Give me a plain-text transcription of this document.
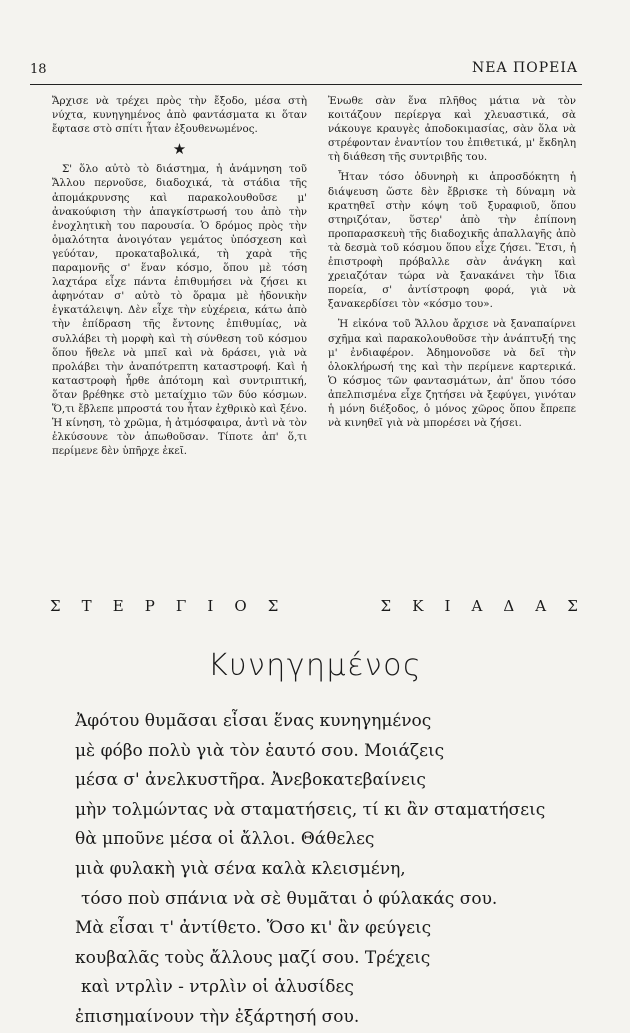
18	ΝΕΑ ΠΟΡΕΙΑ

Ἄρχισε νὰ τρέχει πρὸς τὴν ἔξοδο, μέσα στὴ νύχτα, κυνηγημένος ἀπὸ φαντάσματα κι ὅταν ἔφτασε στὸ σπίτι ἦταν ἐξουθενωμένος.

★

Σ' ὅλο αὐτὸ τὸ διάστημα, ἡ ἀνάμνηση τοῦ Ἄλλου περνοῦσε, διαδοχικά, τὰ στάδια τῆς ἀπομάκρυνσης καὶ παρακολουθοῦσε μ' ἀνακούφιση τὴν ἀπαγκίστρωσή του ἀπὸ τὴν ἐνοχλητικὴ του παρουσία. Ὁ δρόμος πρὸς τὴν ὁμαλότητα ἀνοιγόταν γεμάτος ὑπόσχεση καὶ γεύόταν, προκαταβολικά, τὴ χαρὰ τῆς παραμονῆς σ' ἕναν κόσμο, ὅπου μὲ τόση λαχτάρα εἶχε πάντα ἐπιθυμήσει νὰ ζήσει κι ἀφηνόταν σ' αὐτὸ τὸ ὅραμα μὲ ἡδονικὴν ἐγκατάλειψη. Δὲν εἶχε τὴν εὐχέρεια, κάτω ἀπὸ τὴν ἐπίδραση τῆς ἔντονης ἐπιθυμίας, νὰ συλλάβει τὴ μορφὴ καὶ τὴ σύνθεση τοῦ κόσμου ὅπου ἤθελε νὰ μπεῖ καὶ νὰ δράσει, γιὰ νὰ προλάβει τὴν ἀναπότρεπτη καταστροφή. Καὶ ἡ καταστροφὴ ἦρθε ἀπότομη καὶ συντριπτική, ὅταν βρέθηκε στὸ μεταίχμιο τῶν δύο κόσμων. Ὅ,τι ἔβλεπε μπροστά του ἦταν ἐχθρικὸ καὶ ξένο. Ἡ κίνηση, τὸ χρῶμα, ἡ ἀτμόσφαιρα, ἀντὶ νὰ τὸν ἑλκύσουνε τὸν ἀπωθοῦσαν. Τίποτε ἀπ' ὅ,τι περίμενε δὲν ὑπῆρχε ἐκεῖ.

Ἐνωθε σὰν ἕνα πλῆθος μάτια νὰ τὸν κοιτάζουν περίεργα καὶ χλευαστικά, σὰ νάκουγε κραυγὲς ἀποδοκιμασίας, σὰν ὅλα νὰ στρέφονταν ἐναντίον του ἐπιθετικά, μ' ἔκδηλη τὴ διάθεση τῆς συντριβῆς του.

Ἦταν τόσο ὀδυνηρὴ κι ἀπροσδόκητη ἡ διάψευση ὥστε δὲν ἔβρισκε τὴ δύναμη νὰ κρατηθεῖ στὴν κόψη τοῦ ξυραφιοῦ, ὅπου στηριζόταν, ὕστερ' ἀπὸ τὴν ἐπίπονη προπαρασκευὴ τῆς διαδοχικῆς ἀπαλλαγῆς ἀπὸ τὰ δεσμὰ τοῦ κόσμου ὅπου εἶχε ζήσει. Ἔτσι, ἡ ἐπιστροφὴ πρόβαλλε σὰν ἀνάγκη καὶ χρειαζόταν τώρα νὰ ξανακάνει τὴν ἴδια πορεία, σ' ἀντίστροφη φορά, γιὰ νὰ ξανακερδίσει τὸν «κόσμο του».

Ἡ εἰκόνα τοῦ Ἄλλου ἄρχισε νὰ ξαναπαίρνει σχῆμα καὶ παρακολουθοῦσε τὴν ἀνάπτυξή της μ' ἐνδιαφέρον. Ἀδημονοῦσε νὰ δεῖ τὴν ὁλοκλήρωσή της καὶ τὴν περίμενε καρτερικά. Ὁ κόσμος τῶν φαντασμάτων, ἀπ' ὅπου τόσο ἀπελπισμένα εἶχε ζητήσει νὰ ξεφύγει, γινόταν ἡ μόνη διέξοδος, ὁ μόνος χῶρος ὅπου ἔπρεπε νὰ κινηθεῖ γιὰ νὰ μπορέσει νὰ ζήσει.

Σ Τ Ε Ρ Γ Ι Ο Σ	Σ Κ Ι Α Δ Α Σ
Κυνηγημένος
Ἀφότου θυμᾶσαι εἶσαι ἕνας κυνηγημένος
μὲ φόβο πολὺ γιὰ τὸν ἑαυτό σου. Μοιάζεις
μέσα σ' ἀνελκυστῆρα. Ἀνεβοκατεβαίνεις
μὴν τολμώντας νὰ σταματήσεις, τί κι ἂν σταματήσεις
θὰ μποῦνε μέσα οἱ ἄλλοι. Θάθελες
μιὰ φυλακὴ γιὰ σένα καλὰ κλεισμένη,
τόσο ποὺ σπάνια νὰ σὲ θυμᾶται ὁ φύλακάς σου.
Μὰ εἶσαι τ' ἀντίθετο. Ὅσο κι' ἂν φεύγεις
κουβαλᾶς τοὺς ἄλλους μαζί σου. Τρέχεις
καὶ ντρλὶν - ντρλὶν οἱ ἁλυσίδες
ἐπισημαίνουν τὴν ἐξάρτησή σου.
